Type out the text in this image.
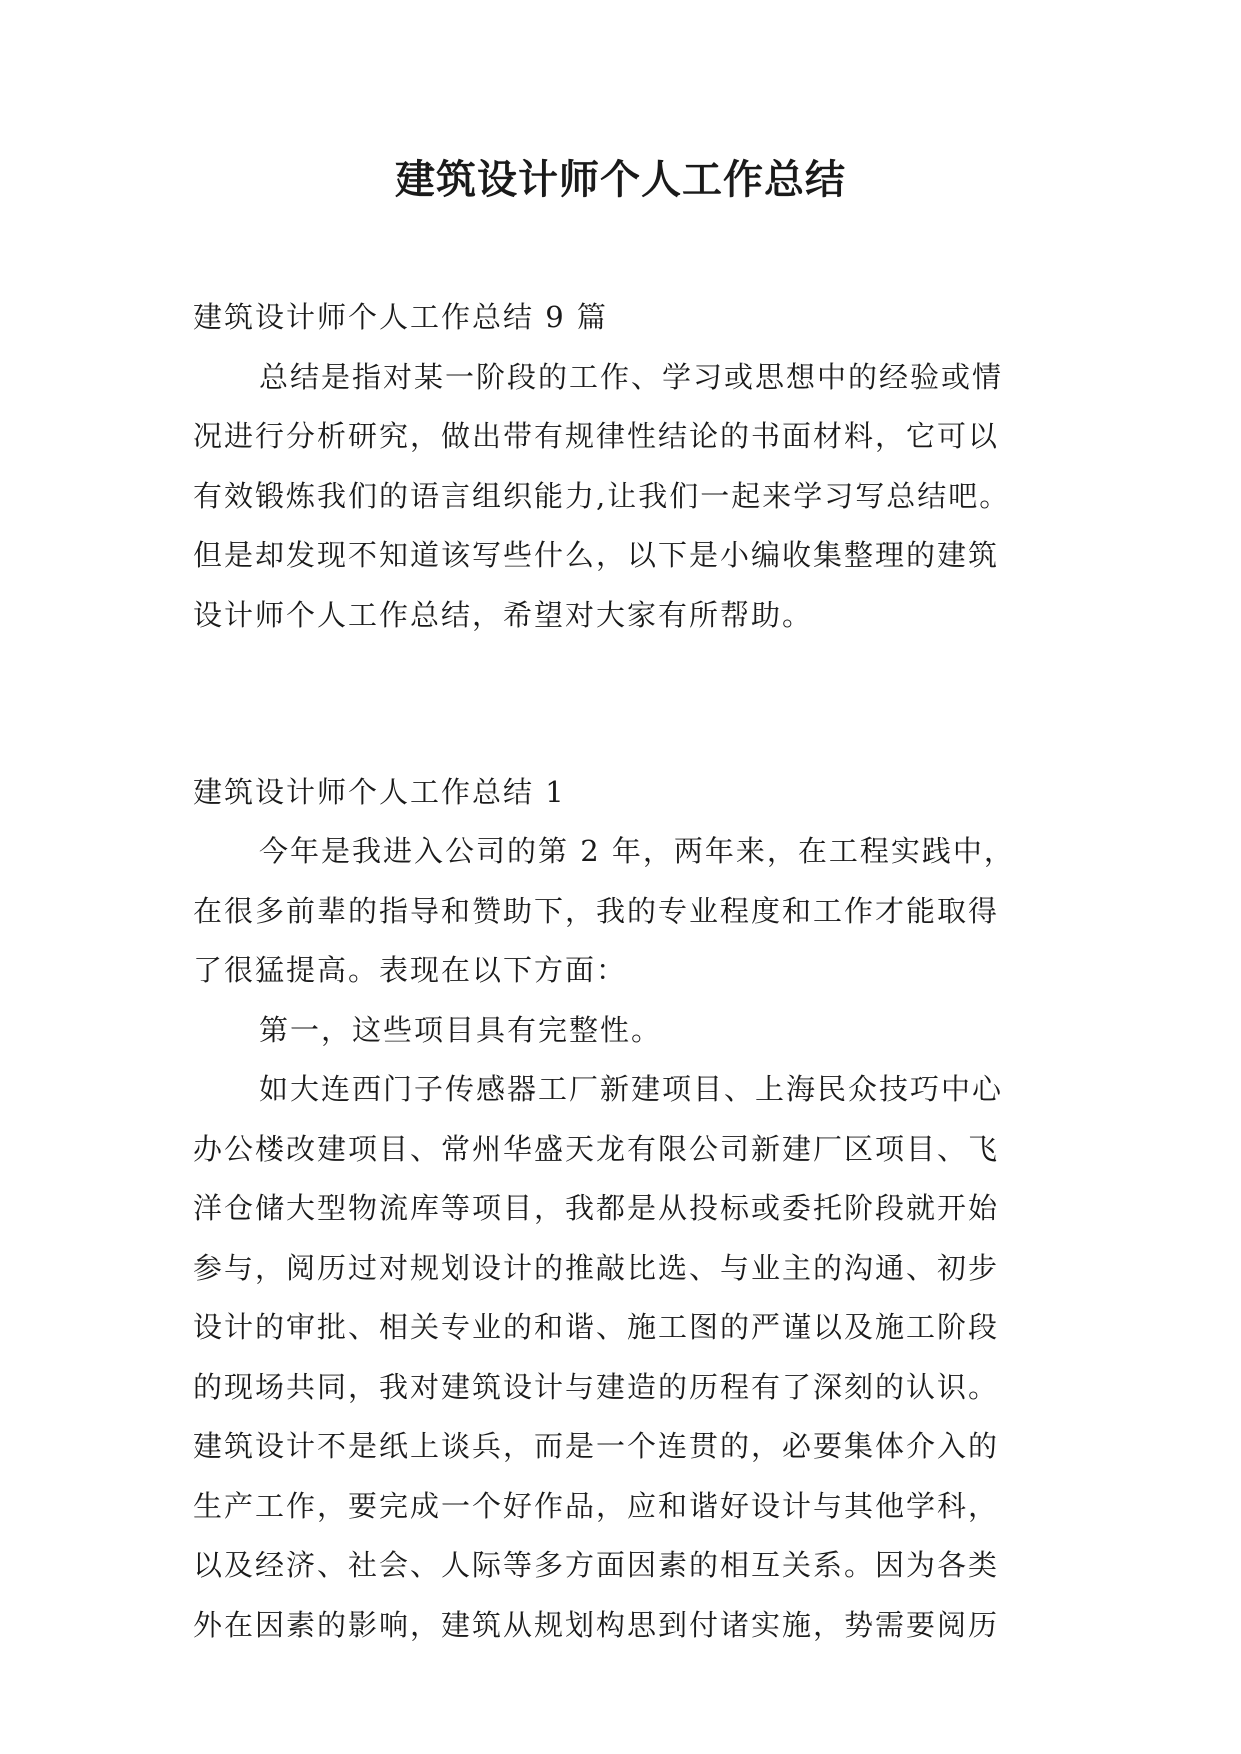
建筑设计师个人工作总结

建筑设计师个人工作总结 9 篇

总结是指对某一阶段的工作、学习或思想中的经验或情

况进行分析研究，做出带有规律性结论的书面材料，它可以

有效锻炼我们的语言组织能力,让我们一起来学习写总结吧。

但是却发现不知道该写些什么，以下是小编收集整理的建筑

设计师个人工作总结，希望对大家有所帮助。

建筑设计师个人工作总结 1

今年是我进入公司的第 2 年，两年来，在工程实践中，

在很多前辈的指导和赞助下，我的专业程度和工作才能取得

了很猛提高。表现在以下方面：

第一，这些项目具有完整性。

如大连西门子传感器工厂新建项目、上海民众技巧中心

办公楼改建项目、常州华盛天龙有限公司新建厂区项目、飞

洋仓储大型物流库等项目，我都是从投标或委托阶段就开始

参与，阅历过对规划设计的推敲比选、与业主的沟通、初步

设计的审批、相关专业的和谐、施工图的严谨以及施工阶段

的现场共同，我对建筑设计与建造的历程有了深刻的认识。

建筑设计不是纸上谈兵，而是一个连贯的，必要集体介入的

生产工作，要完成一个好作品，应和谐好设计与其他学科，

以及经济、社会、人际等多方面因素的相互关系。因为各类

外在因素的影响，建筑从规划构思到付诸实施，势需要阅历
